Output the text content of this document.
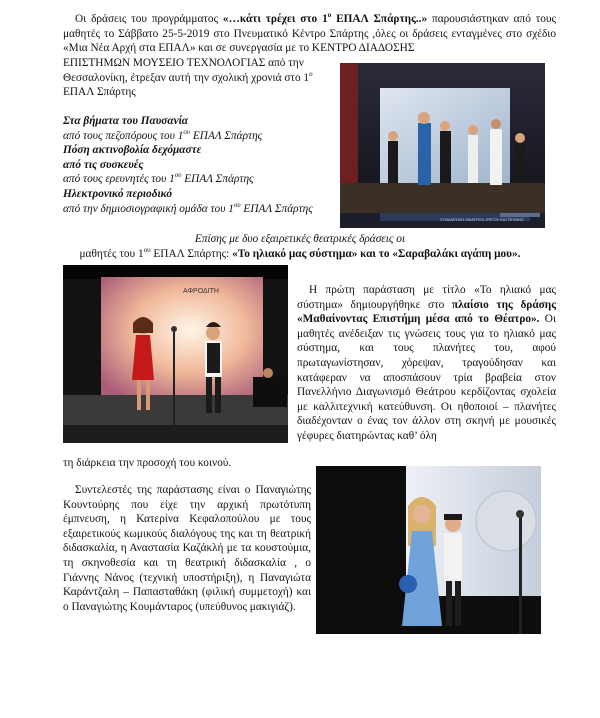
Οι δράσεις του προγράμματος «…κάτι τρέχει στο $1^o$ ΕΠΑΛ Σπάρτης..» παρουσιάστηκαν από τους μαθητές το Σάββατο 25-5-2019 στο Πνευματικό Κέντρο Σπάρτης ,όλες οι δράσεις ενταγμένες στο σχέδιο «Μια Νέα Αρχή στα ΕΠΑΛ» και σε συνεργασία με το ΚΕΝΤΡΟ ΔΙΑΔΟΣΗΣ
ΕΠΙΣΤΗΜΩΝ ΜΟΥΣΕΙΟ ΤΕΧΝΟΛΟΓΙΑΣ από την Θεσσαλονίκη, έτρεξαν αυτή την σχολική χρονιά στο $1^o$ ΕΠΑΛ Σπάρτης

Στα βήματα του Παυσανία

από τους πεζοπόρους του $1^{o\upsilon}$ ΕΠΑΛ Σπάρτης

Πόση ακτινοβολία δεχόμαστε

από τις συσκευές

από τους ερευνητές του $1^{o\upsilon}$ ΕΠΑΛ Σπάρτης

Ηλεκτρονικό περιοδικό

από την δημιοσιογραφική ομάδα του $1^{o\upsilon}$ ΕΠΑΛ Σπάρτης

ΣΥΝΑΝΤΗΣΗ ΘΕΑΤΡΟΥ, ΕΡΓΟΥ ΚΑΙ ΤΕΧΝΗΣ
Επίσης με δυο εξαιρετικές θεατρικές δράσεις οι
μαθητές του $1^{o\upsilon}$ ΕΠΑΛ Σπάρτης: «Το ηλιακό μας σύστημα» και το «Σαραβαλάκι αγάπη μου».
ΑΦΡΟΔΙΤΗ	Η πρώτη παράσταση με τίτλο «Το ηλιακό μας σύστημα» δημιουργήθηκε στο πλαίσιο της δράσης «Μαθαίνοντας Επιστήμη μέσα από το Θέατρο». Οι μαθητές ανέδειξαν τις γνώσεις τους για το ηλιακό μας σύστημα, και τους πλανήτες του, αφού πρωταγωνίστησαν, χόρεψαν, τραγούδησαν και κατάφεραν να αποσπάσουν τρία βραβεία στον Πανελλήνιο Διαγωνισμό Θεάτρου κερδίζοντας σχολεία με καλλιτεχνική κατεύθυνση. Οι ηθοποιοί – πλανήτες διαδέχονταν ο ένας τον άλλον στη σκηνή με μουσικές γέφυρες διατηρώντας καθ’ όλη
τη διάρκεια την προσοχή του κοινού.
Συντελεστές της παράστασης είναι ο Παναγιώτης Κουντούρης που είχε την αρχική πρωτότυπη έμπνευση, η Κατερίνα Κεφαλοπούλου με τους εξαιρετικούς κωμικούς διαλόγους της και τη θεατρική διδασκαλία, η Αναστασία Καζάκλή με τα κουστούμια, τη σκηνοθεσία και τη θεατρική διδασκαλία , ο Γιάννης Νάνος (τεχνική υποστήριξη), η Παναγιώτα Καράντζαλη – Παπασταθάκη (φιλική συμμετοχή) και ο Παναγιώτης Κουμάνταρος (υπεύθυνος μακιγιάζ).
